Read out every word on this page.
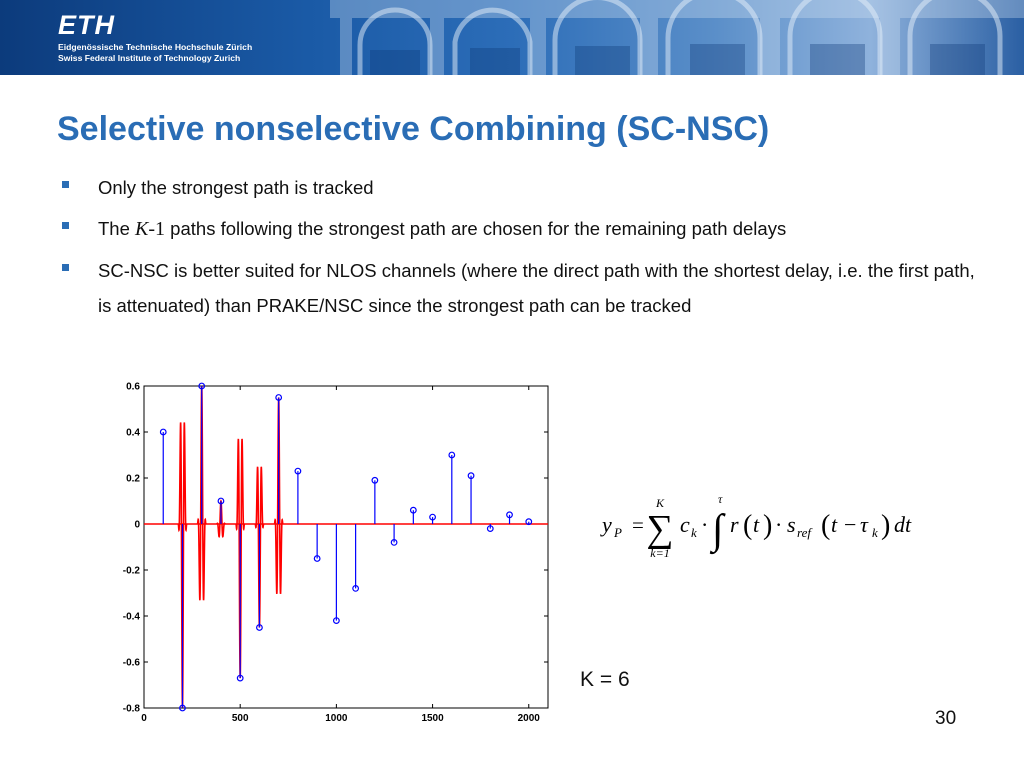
ETH
Eidgenössische Technische Hochschule Zürich
Swiss Federal Institute of Technology Zurich
Selective nonselective Combining (SC-NSC)
Only the strongest path is tracked
The K-1 paths following the strongest path are chosen for the remaining path delays
SC-NSC is better suited for NLOS channels (where the direct path with the shortest delay, i.e. the first path, is attenuated) than PRAKE/NSC since the strongest path can be tracked
0.6
0.4
0.2
0
-0.2
-0.4
-0.6
-0.8
0	500	1000	1500	2000
y P =
K
∑
k=1
c k ·
τ
∫ r ( t ) · s ref ( t − τ k ) dt
K = 6
30
